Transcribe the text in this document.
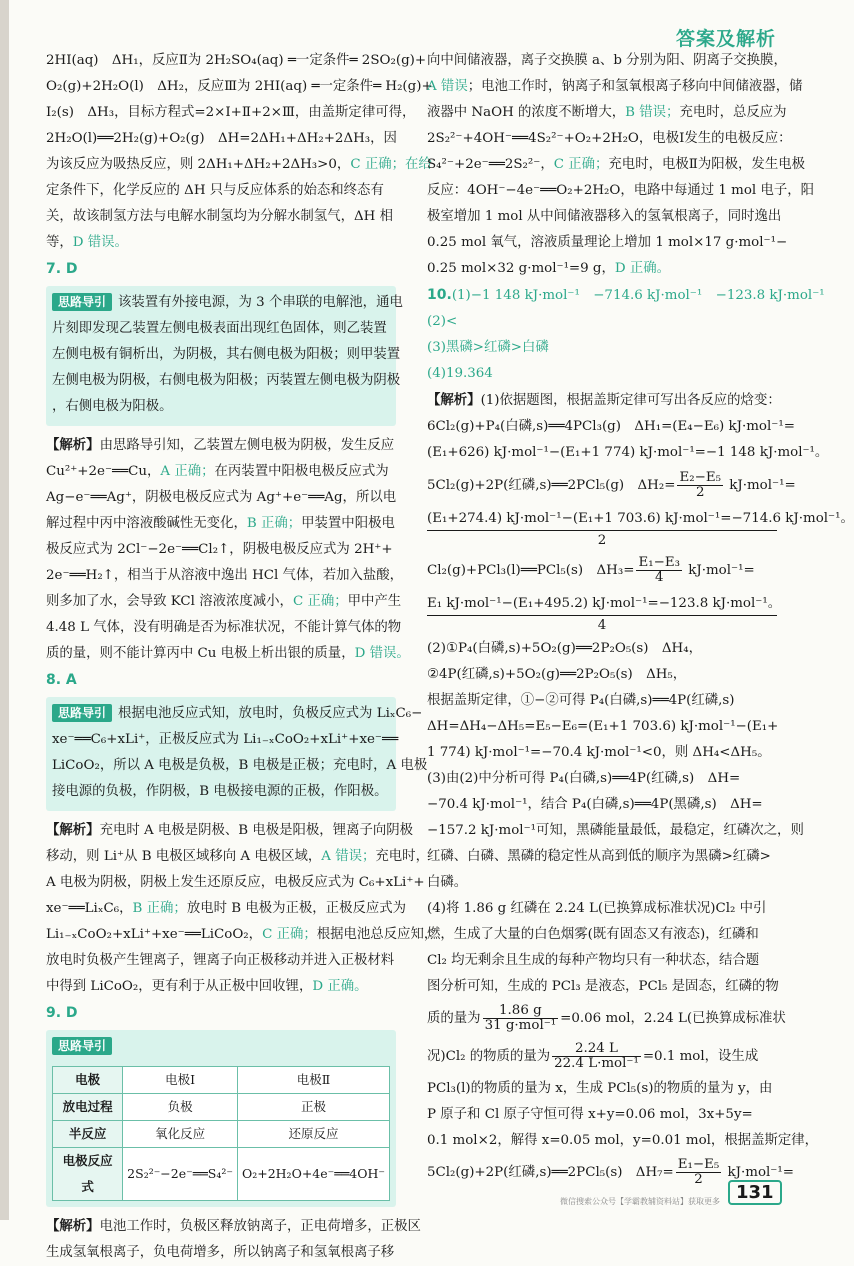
答案及解析
2HI(aq)　ΔH₁，反应Ⅱ为 2H₂SO₄(aq) ═一定条件═ 2SO₂(g)+
O₂(g)+2H₂O(l)　ΔH₂，反应Ⅲ为 2HI(aq) ═一定条件═ H₂(g)+
I₂(s)　ΔH₃，目标方程式=2×Ⅰ+Ⅱ+2×Ⅲ，由盖斯定律可得，
2H₂O(l)══2H₂(g)+O₂(g)　ΔH=2ΔH₁+ΔH₂+2ΔH₃，因
为该反应为吸热反应，则 2ΔH₁+ΔH₂+2ΔH₃>0，C 正确；在给
定条件下，化学反应的 ΔH 只与反应体系的始态和终态有
关，故该制氢方法与电解水制氢均为分解水制氢气，ΔH 相
等，D 错误。
7. D
思路导引 该装置有外接电源，为 3 个串联的电解池，通电
片刻即发现乙装置左侧电极表面出现红色固体，则乙装置
左侧电极有铜析出，为阴极，其右侧电极为阳极；则甲装置
左侧电极为阴极，右侧电极为阳极；丙装置左侧电极为阴极
，右侧电极为阳极。
【解析】由思路导引知，乙装置左侧电极为阴极，发生反应
Cu²⁺+2e⁻══Cu，A 正确；在丙装置中阳极电极反应式为
Ag−e⁻══Ag⁺，阴极电极反应式为 Ag⁺+e⁻══Ag，所以电
解过程中丙中溶液酸碱性无变化，B 正确；甲装置中阳极电
极反应式为 2Cl⁻−2e⁻══Cl₂↑，阴极电极反应式为 2H⁺+
2e⁻══H₂↑，相当于从溶液中逸出 HCl 气体，若加入盐酸，
则多加了水，会导致 KCl 溶液浓度减小，C 正确；甲中产生
4.48 L 气体，没有明确是否为标准状况，不能计算气体的物
质的量，则不能计算丙中 Cu 电极上析出银的质量，D 错误。
8. A
思路导引 根据电池反应式知，放电时，负极反应式为 LiₓC₆−
xe⁻══C₆+xLi⁺，正极反应式为 Li₁₋ₓCoO₂+xLi⁺+xe⁻══
LiCoO₂，所以 A 电极是负极，B 电极是正极；充电时，A 电极
接电源的负极，作阴极，B 电极接电源的正极，作阳极。
【解析】充电时 A 电极是阴极、B 电极是阳极，锂离子向阴极
移动，则 Li⁺从 B 电极区域移向 A 电极区域，A 错误；充电时，
A 电极为阴极，阴极上发生还原反应，电极反应式为 C₆+xLi⁺+
xe⁻══LiₓC₆，B 正确；放电时 B 电极为正极，正极反应式为
Li₁₋ₓCoO₂+xLi⁺+xe⁻══LiCoO₂，C 正确；根据电池总反应知，
放电时负极产生锂离子，锂离子向正极移动并进入正极材料
中得到 LiCoO₂，更有利于从正极中回收锂，D 正确。
9. D
思路导引
电极	电极Ⅰ	电极Ⅱ
放电过程	负极	正极
半反应	氧化反应	还原反应
电极反应式	2S₂²⁻−2e⁻══S₄²⁻	O₂+2H₂O+4e⁻══4OH⁻
【解析】电池工作时，负极区释放钠离子，正电荷增多，正极区
生成氢氧根离子，负电荷增多，所以钠离子和氢氧根离子移
向中间储液器，离子交换膜 a、b 分别为阳、阴离子交换膜，
A 错误；电池工作时，钠离子和氢氧根离子移向中间储液器，储
液器中 NaOH 的浓度不断增大，B 错误；充电时，总反应为
2S₂²⁻+4OH⁻══4S₂²⁻+O₂+2H₂O，电极Ⅰ发生的电极反应：
S₄²⁻+2e⁻══2S₂²⁻，C 正确；充电时，电极Ⅱ为阳极，发生电极
反应：4OH⁻−4e⁻══O₂+2H₂O，电路中每通过 1 mol 电子，阳
极室增加 1 mol 从中间储液器移入的氢氧根离子，同时逸出
0.25 mol 氧气，溶液质量理论上增加 1 mol×17 g·mol⁻¹−
0.25 mol×32 g·mol⁻¹=9 g，D 正确。
10.(1)−1 148 kJ·mol⁻¹　−714.6 kJ·mol⁻¹　−123.8 kJ·mol⁻¹
(2)<
(3)黑磷>红磷>白磷
(4)19.364
【解析】(1)依据题图，根据盖斯定律可写出各反应的焓变：
6Cl₂(g)+P₄(白磷,s)══4PCl₃(g)　ΔH₁=(E₄−E₆) kJ·mol⁻¹=
(E₁+626) kJ·mol⁻¹−(E₁+1 774) kJ·mol⁻¹=−1 148 kJ·mol⁻¹。
5Cl₂(g)+2P(红磷,s)══2PCl₅(g)　$\Delta H_2= \frac{\text{E₂−E₅}}{2} kJ\cdot mol^{-1}=$
(E₁+274.4) kJ·mol⁻¹−(E₁+1 703.6) kJ·mol⁻¹=−714.6 kJ·mol⁻¹。
2
Cl₂(g)+PCl₃(l)══PCl₅(s)　$\Delta H_3= \frac{\text{E₁−E₃}}{4} kJ\cdot mol^{-1}=$
E₁ kJ·mol⁻¹−(E₁+495.2) kJ·mol⁻¹=−123.8 kJ·mol⁻¹。
4
(2)①P₄(白磷,s)+5O₂(g)══2P₂O₅(s)　ΔH₄，
②4P(红磷,s)+5O₂(g)══2P₂O₅(s)　ΔH₅，
根据盖斯定律，①−②可得 P₄(白磷,s)══4P(红磷,s)
ΔH=ΔH₄−ΔH₅=E₅−E₆=(E₁+1 703.6) kJ·mol⁻¹−(E₁+
1 774) kJ·mol⁻¹=−70.4 kJ·mol⁻¹<0，则 ΔH₄<ΔH₅。
(3)由(2)中分析可得 P₄(白磷,s)══4P(红磷,s)　ΔH=
−70.4 kJ·mol⁻¹，结合 P₄(白磷,s)══4P(黑磷,s)　ΔH=
−157.2 kJ·mol⁻¹可知，黑磷能量最低，最稳定，红磷次之，则
红磷、白磷、黑磷的稳定性从高到低的顺序为黑磷>红磷>
白磷。
(4)将 1.86 g 红磷在 2.24 L(已换算成标准状况)Cl₂ 中引
燃，生成了大量的白色烟雾(既有固态又有液态)，红磷和
Cl₂ 均无剩余且生成的每种产物均只有一种状态，结合题
图分析可知，生成的 PCl₃ 是液态，PCl₅ 是固态，红磷的物
质的量为 $\frac{1.86 g}{\text{31 g·mol⁻¹}} =0.06$ mol，2.24 L(已换算成标准状
况)Cl₂ 的物质的量为 $\frac{2.24 L}{\text{22.4 L·mol⁻¹}} =0.1$ mol，设生成
PCl₃(l)的物质的量为 x，生成 PCl₅(s)的物质的量为 y，由
P 原子和 Cl 原子守恒可得 x+y=0.06 mol，3x+5y=
0.1 mol×2，解得 x=0.05 mol，y=0.01 mol，根据盖斯定律，
5Cl₂(g)+2P(红磷,s)══2PCl₅(s)　$\Delta H_7= \frac{\text{E₁−E₅}}{2} kJ\cdot mol^{-1}=$
微信搜索公众号【学霸教辅资料站】获取更多 131
